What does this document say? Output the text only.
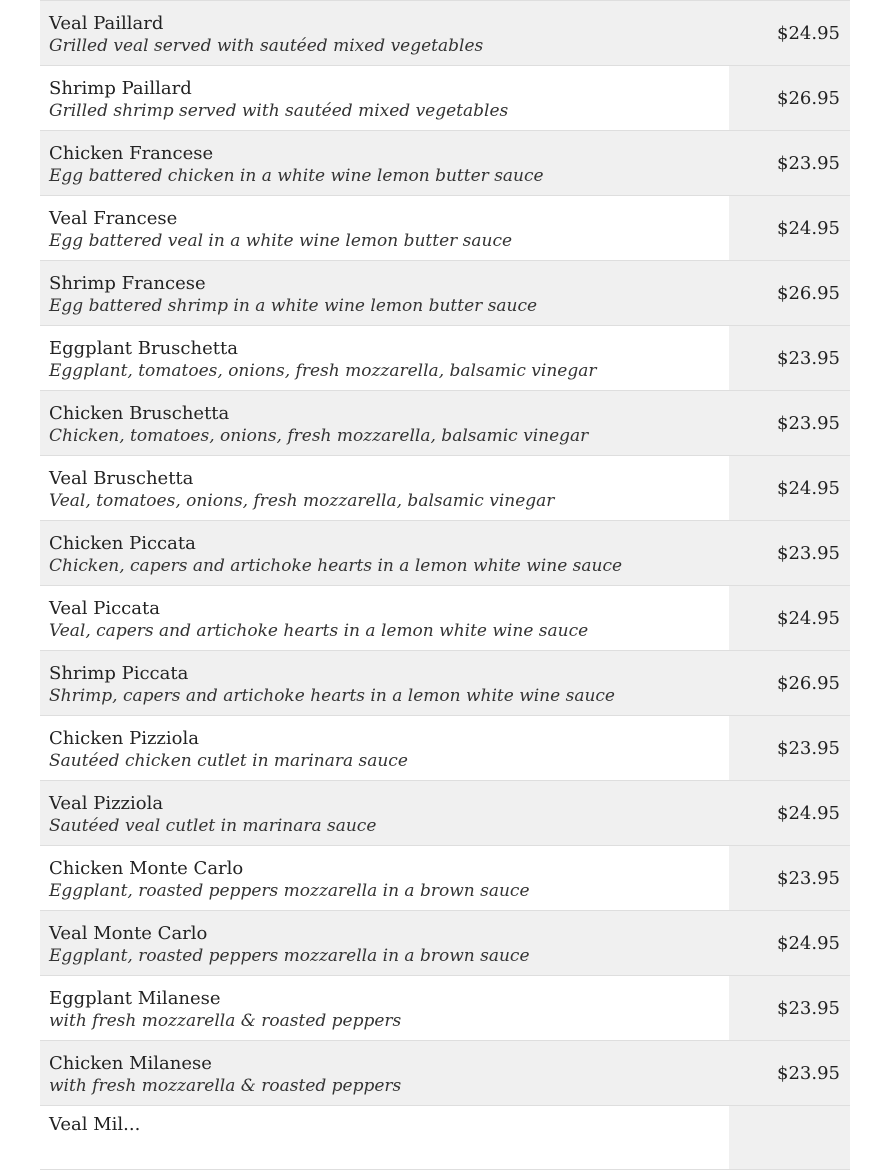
Veal Paillard
Grilled veal served with sautéed mixed vegetables
$24.95
Shrimp Paillard
Grilled shrimp served with sautéed mixed vegetables
$26.95
Chicken Francese
Egg battered chicken in a white wine lemon butter sauce
$23.95
Veal Francese
Egg battered veal in a white wine lemon butter sauce
$24.95
Shrimp Francese
Egg battered shrimp in a white wine lemon butter sauce
$26.95
Eggplant Bruschetta
Eggplant, tomatoes, onions, fresh mozzarella, balsamic vinegar
$23.95
Chicken Bruschetta
Chicken, tomatoes, onions, fresh mozzarella, balsamic vinegar
$23.95
Veal Bruschetta
Veal, tomatoes, onions, fresh mozzarella, balsamic vinegar
$24.95
Chicken Piccata
Chicken, capers and artichoke hearts in a lemon white wine sauce
$23.95
Veal Piccata
Veal, capers and artichoke hearts in a lemon white wine sauce
$24.95
Shrimp Piccata
Shrimp, capers and artichoke hearts in a lemon white wine sauce
$26.95
Chicken Pizziola
Sautéed chicken cutlet in marinara sauce
$23.95
Veal Pizziola
Sautéed veal cutlet in marinara sauce
$24.95
Chicken Monte Carlo
Eggplant, roasted peppers mozzarella in a brown sauce
$23.95
Veal Monte Carlo
Eggplant, roasted peppers mozzarella in a brown sauce
$24.95
Eggplant Milanese
with fresh mozzarella & roasted peppers
$23.95
Chicken Milanese
with fresh mozzarella & roasted peppers
$23.95
Veal Mil...
